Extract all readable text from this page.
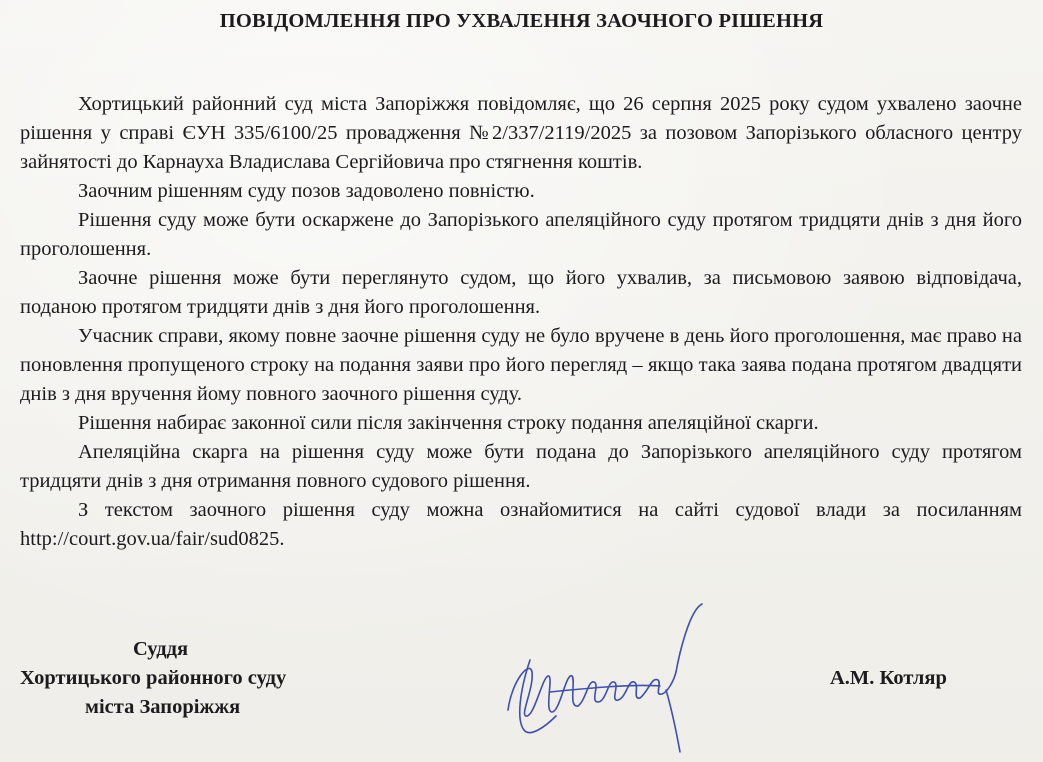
ПОВІДОМЛЕННЯ ПРО УХВАЛЕННЯ ЗАОЧНОГО РІШЕННЯ

Хортицький районний суд міста Запоріжжя повідомляє, що 26 серпня 2025 року судом ухвалено заочне рішення у справі ЄУН 335/6100/25 провадження №2/337/2119/2025 за позовом Запорізького обласного центру зайнятості до Карнауха Владислава Сергійовича про стягнення коштів.

Заочним рішенням суду позов задоволено повністю.

Рішення суду може бути оскаржене до Запорізького апеляційного суду протягом тридцяти днів з дня його проголошення.

Заочне рішення може бути переглянуто судом, що його ухвалив, за письмовою заявою відповідача, поданою протягом тридцяти днів з дня його проголошення.

Учасник справи, якому повне заочне рішення суду не було вручене в день його проголошення, має право на поновлення пропущеного строку на подання заяви про його перегляд – якщо така заява подана протягом двадцяти днів з дня вручення йому повного заочного рішення суду.

Рішення набирає законної сили після закінчення строку подання апеляційної скарги.

Апеляційна скарга на рішення суду може бути подана до Запорізького апеляційного суду протягом тридцяти днів з дня отримання повного судового рішення.

З текстом заочного рішення суду можна ознайомитися на сайті судової влади за посиланням http://court.gov.ua/fair/sud0825.

Суддя
Хортицького районного суду
міста Запоріжжя
А.М. Котляр
